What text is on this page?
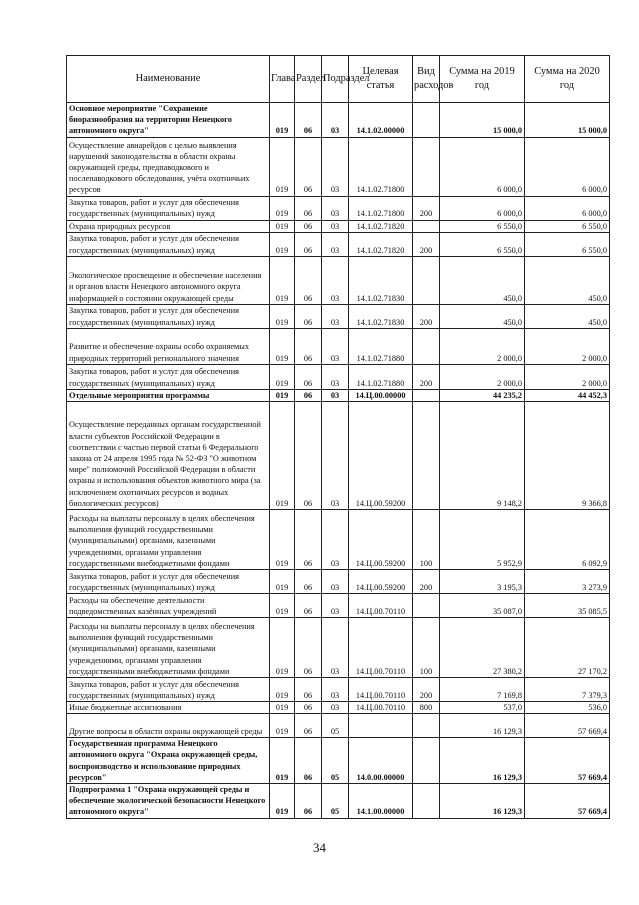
Наименование	Глава	Раздел	Подраздел	Целевая статья	Вид расходов	Сумма на 2019 год	Сумма на 2020 год
Основное мероприятие "Сохранение биоразнообразия на территории Ненецкого автономного округа"	019	06	03	14.1.02.00000		15 000,0	15 000,0
Осуществление авиарейдов с целью выявления нарушений законодательства в области охраны окружающей среды, предпаводкового и послепаводкового обследования, учёта охотничьих ресурсов	019	06	03	14.1.02.71800		6 000,0	6 000,0
Закупка товаров, работ и услуг для обеспечения государственных (муниципальных) нужд	019	06	03	14.1.02.71800	200	6 000,0	6 000,0
Охрана природных ресурсов	019	06	03	14.1.02.71820		6 550,0	6 550,0
Закупка товаров, работ и услуг для обеспечения государственных (муниципальных) нужд	019	06	03	14.1.02.71820	200	6 550,0	6 550,0
Экологическое просвещение и обеспечение населения и органов власти Ненецкого автономного округа информацией о состоянии окружающей среды	019	06	03	14.1.02.71830		450,0	450,0
Закупка товаров, работ и услуг для обеспечения государственных (муниципальных) нужд	019	06	03	14.1.02.71830	200	450,0	450,0
Развитие и обеспечение охраны особо охраняемых природных территорий регионального значения	019	06	03	14.1.02.71880		2 000,0	2 000,0
Закупка товаров, работ и услуг для обеспечения государственных (муниципальных) нужд	019	06	03	14.1.02.71880	200	2 000,0	2 000,0
Отдельные мероприятия программы	019	06	03	14.Ц.00.00000		44 235,2	44 452,3
Осуществление переданных органам государственной власти субъектов Российской Федерации в соответствии с частью первой статьи 6 Федерального закона от 24 апреля 1995 года № 52-ФЗ "О животном мире" полномочий Российской Федерации в области охраны и использования объектов животного мира (за исключением охотничьих ресурсов и водных биологических ресурсов)	019	06	03	14.Ц.00.59200		9 148,2	9 366,8
Расходы на выплаты персоналу в целях обеспечения выполнения функций государственными (муниципальными) органами, казенными учреждениями, органами управления государственными внебюджетными фондами	019	06	03	14.Ц.00.59200	100	5 952,9	6 092,9
Закупка товаров, работ и услуг для обеспечения государственных (муниципальных) нужд	019	06	03	14.Ц.00.59200	200	3 195,3	3 273,9
Расходы на обеспечение деятельности подведомственных казённых учреждений	019	06	03	14.Ц.00.70110		35 087,0	35 085,5
Расходы на выплаты персоналу в целях обеспечения выполнения функций государственными (муниципальными) органами, казенными учреждениями, органами управления государственными внебюджетными фондами	019	06	03	14.Ц.00.70110	100	27 380,2	27 170,2
Закупка товаров, работ и услуг для обеспечения государственных (муниципальных) нужд	019	06	03	14.Ц.00.70110	200	7 169,8	7 379,3
Иные бюджетные ассигнования	019	06	03	14.Ц.00.70110	800	537,0	536,0
Другие вопросы в области охраны окружающей среды	019	06	05			16 129,3	57 669,4
Государственная программа Ненецкого автономного округа "Охрана окружающей среды, воспроизводство и использование природных ресурсов"	019	06	05	14.0.00.00000		16 129,3	57 669,4
Подпрограмма 1 "Охрана окружающей среды и обеспечение экологической безопасности Ненецкого автономного округа"	019	06	05	14.1.00.00000		16 129,3	57 669,4
34
